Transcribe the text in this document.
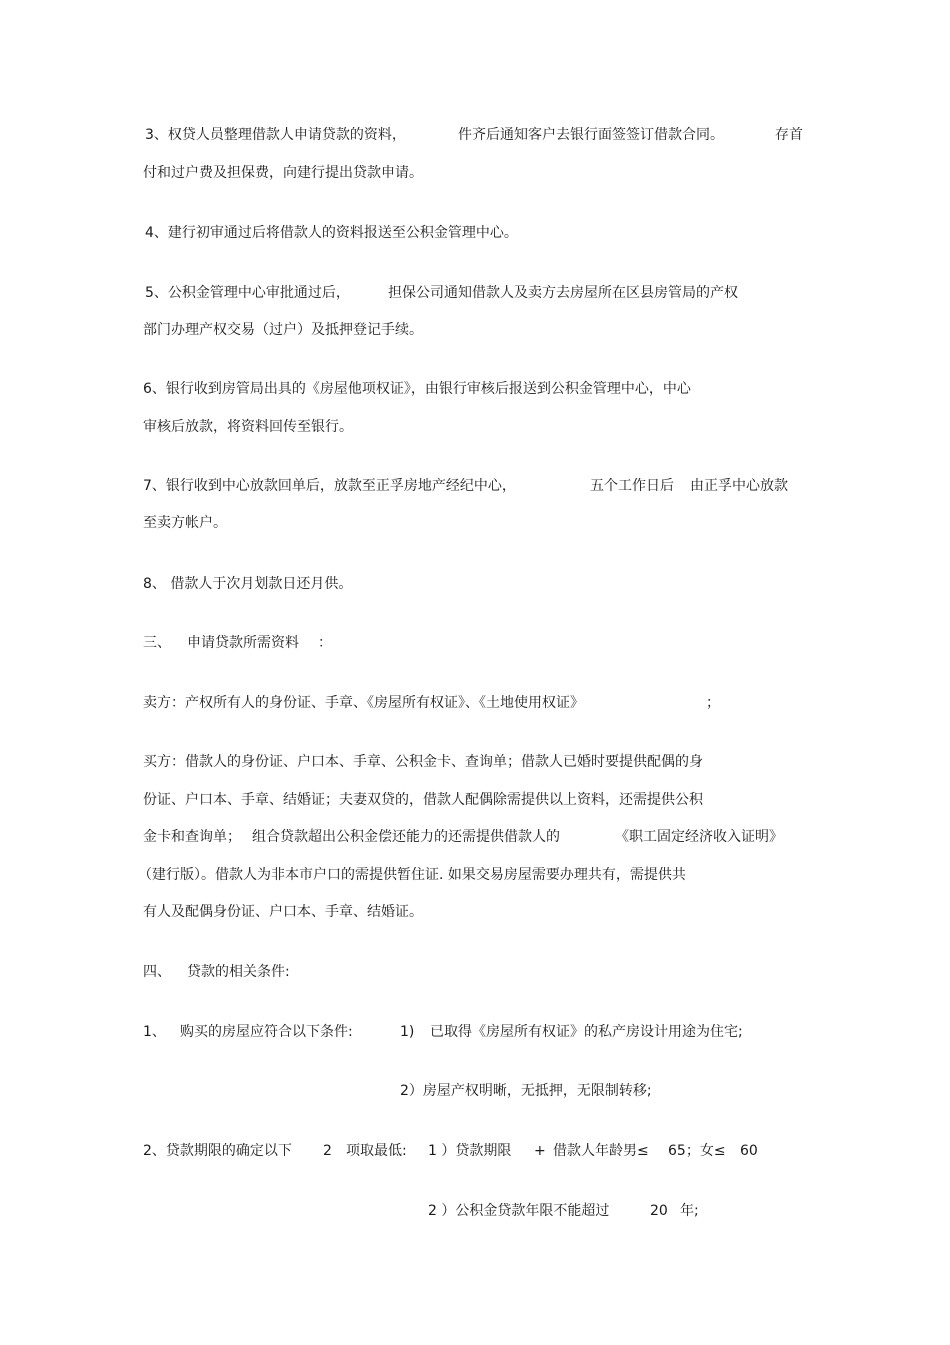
3、权贷人员整理借款人申请贷款的资料，	件齐后通知客户去银行面签签订借款合同。	存首
付和过户费及担保费，向建行提出贷款申请。
4、建行初审通过后将借款人的资料报送至公积金管理中心。
5、公积金管理中心审批通过后，	担保公司通知借款人及卖方去房屋所在区县房管局的产权
部门办理产权交易（过户）及抵押登记手续。
6、银行收到房管局出具的《房屋他项权证》，由银行审核后报送到公积金管理中心，中心
审核后放款，将资料回传至银行。
7、银行收到中心放款回单后，放款至正孚房地产经纪中心，	五个工作日后 由正孚中心放款
至卖方帐户。
8、 借款人于次月划款日还月供。
三、 申请贷款所需资料 ：
卖方：产权所有人的身份证、手章、《房屋所有权证》、《土地使用权证》	；
买方：借款人的身份证、户口本、手章、公积金卡、查询单；借款人已婚时要提供配偶的身
份证、户口本、手章、结婚证；夫妻双贷的，借款人配偶除需提供以上资料，还需提供公积
金卡和查询单； 组合贷款超出公积金偿还能力的还需提供借款人的	《职工固定经济收入证明》
（建行版）。借款人为非本市户口的需提供暂住证. 如果交易房屋需要办理共有，需提供共
有人及配偶身份证、户口本、手章、结婚证。
四、 贷款的相关条件:
1、 购买的房屋应符合以下条件:	1) 已取得《房屋所有权证》的私产房设计用途为住宅;
2）房屋产权明晰，无抵押，无限制转移;
2、贷款期限的确定以下 2 项取最低: 1 ）贷款期限 + 借款人年龄男≤ 65；女≤ 60
2 ）公积金贷款年限不能超过	20 年;
